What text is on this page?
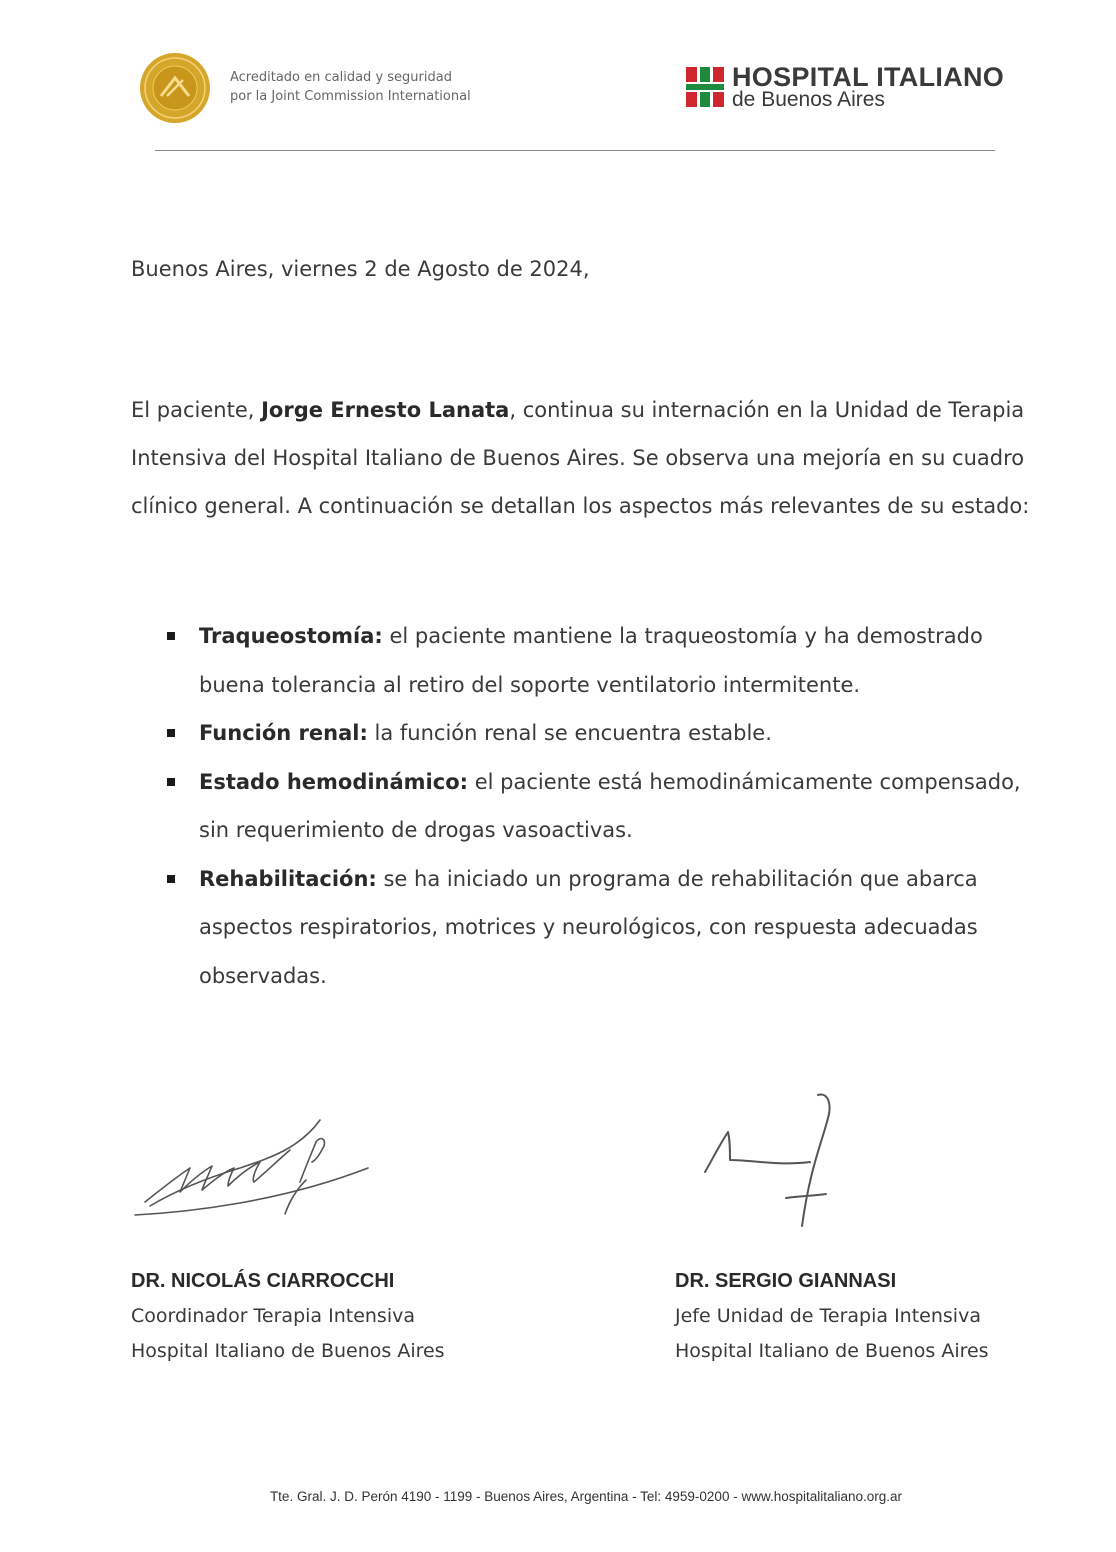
Acreditado en calidad y seguridad
por la Joint Commission International
HOSPITAL ITALIANO
de Buenos Aires
Buenos Aires, viernes 2 de Agosto de 2024,
El paciente, Jorge Ernesto Lanata, continua su internación en la Unidad de Terapia Intensiva del Hospital Italiano de Buenos Aires. Se observa una mejoría en su cuadro clínico general. A continuación se detallan los aspectos más relevantes de su estado:
Traqueostomía: el paciente mantiene la traqueostomía y ha demostrado buena tolerancia al retiro del soporte ventilatorio intermitente.
Función renal: la función renal se encuentra estable.
Estado hemodinámico: el paciente está hemodinámicamente compensado, sin requerimiento de drogas vasoactivas.
Rehabilitación: se ha iniciado un programa de rehabilitación que abarca aspectos respiratorios, motrices y neurológicos, con respuesta adecuadas observadas.
DR. NICOLÁS CIARROCCHI
Coordinador Terapia Intensiva
Hospital Italiano de Buenos Aires
DR. SERGIO GIANNASI
Jefe Unidad de Terapia Intensiva
Hospital Italiano de Buenos Aires
Tte. Gral. J. D. Perón 4190 - 1199 - Buenos Aires, Argentina - Tel: 4959-0200 - www.hospitalitaliano.org.ar
